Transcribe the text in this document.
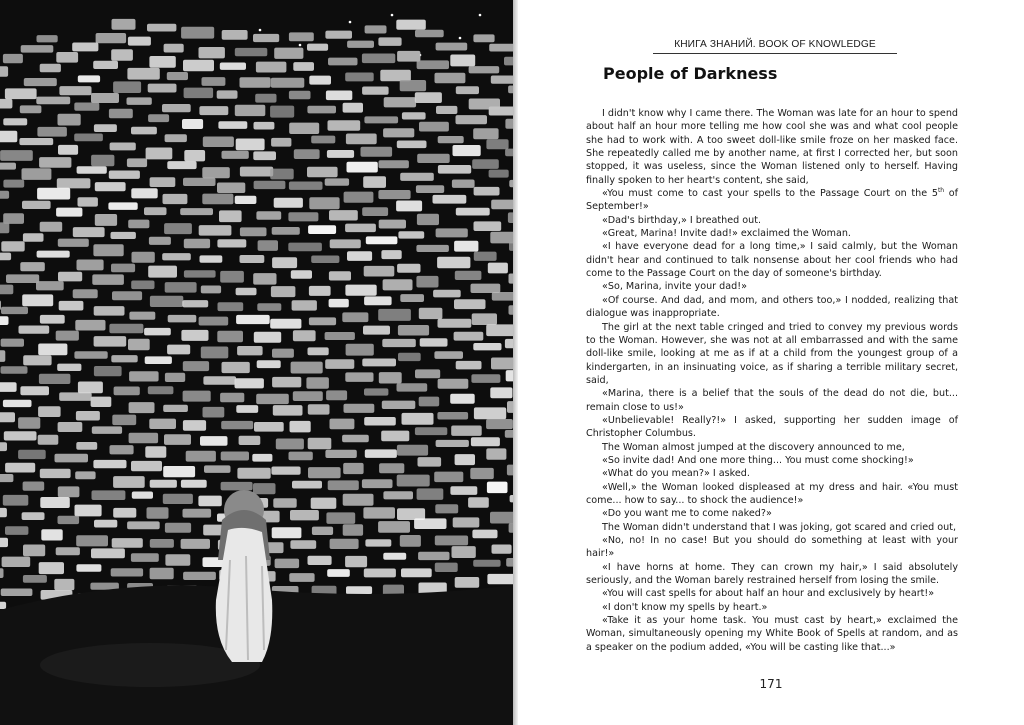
КНИГА ЗНАНИЙ. BOOK OF KNOWLEDGE
People of Darkness

I didn't know why I came there. The Woman was late for an hour to spend about half an hour more telling me how cool she was and what cool people she had to work with. A too sweet doll-like smile froze on her masked face. She repeatedly called me by another name, at first I corrected her, but soon stopped, it was useless, since the Woman listened only to herself. Having finally spoken to her heart's content, she said,

«You must come to cast your spells to the Passage Court on the 5th of September!»

«Dad's birthday,» I breathed out.

«Great, Marina! Invite dad!» exclaimed the Woman.

«I have everyone dead for a long time,» I said calmly, but the Woman didn't hear and continued to talk nonsense about her cool friends who had come to the Passage Court on the day of someone's birthday.

«So, Marina, invite your dad!»

«Of course. And dad, and mom, and others too,» I nodded, realizing that dialogue was inappropriate.

The girl at the next table cringed and tried to convey my previous words to the Woman. However, she was not at all embarrassed and with the same doll-like smile, looking at me as if at a child from the youngest group of a kindergarten, in an insinuating voice, as if sharing a terrible military secret, said,

«Marina, there is a belief that the souls of the dead do not die, but... remain close to us!»

«Unbelievable! Really?!» I asked, supporting her sudden image of Christopher Columbus.

The Woman almost jumped at the discovery announced to me,

«So invite dad! And one more thing... You must come shocking!»

«What do you mean?» I asked.

«Well,» the Woman looked displeased at my dress and hair. «You must come... how to say... to shock the audience!»

«Do you want me to come naked?»

The Woman didn't understand that I was joking, got scared and cried out,

«No, no! In no case! But you should do something at least with your hair!»

«I have horns at home. They can crown my hair,» I said absolutely seriously, and the Woman barely restrained herself from losing the smile.

«You will cast spells for about half an hour and exclusively by heart!»

«I don't know my spells by heart.»

«Take it as your home task. You must cast by heart,» exclaimed the Woman, simultaneously opening my White Book of Spells at random, and as a speaker on the podium added, «You will be casting like that...»

171
